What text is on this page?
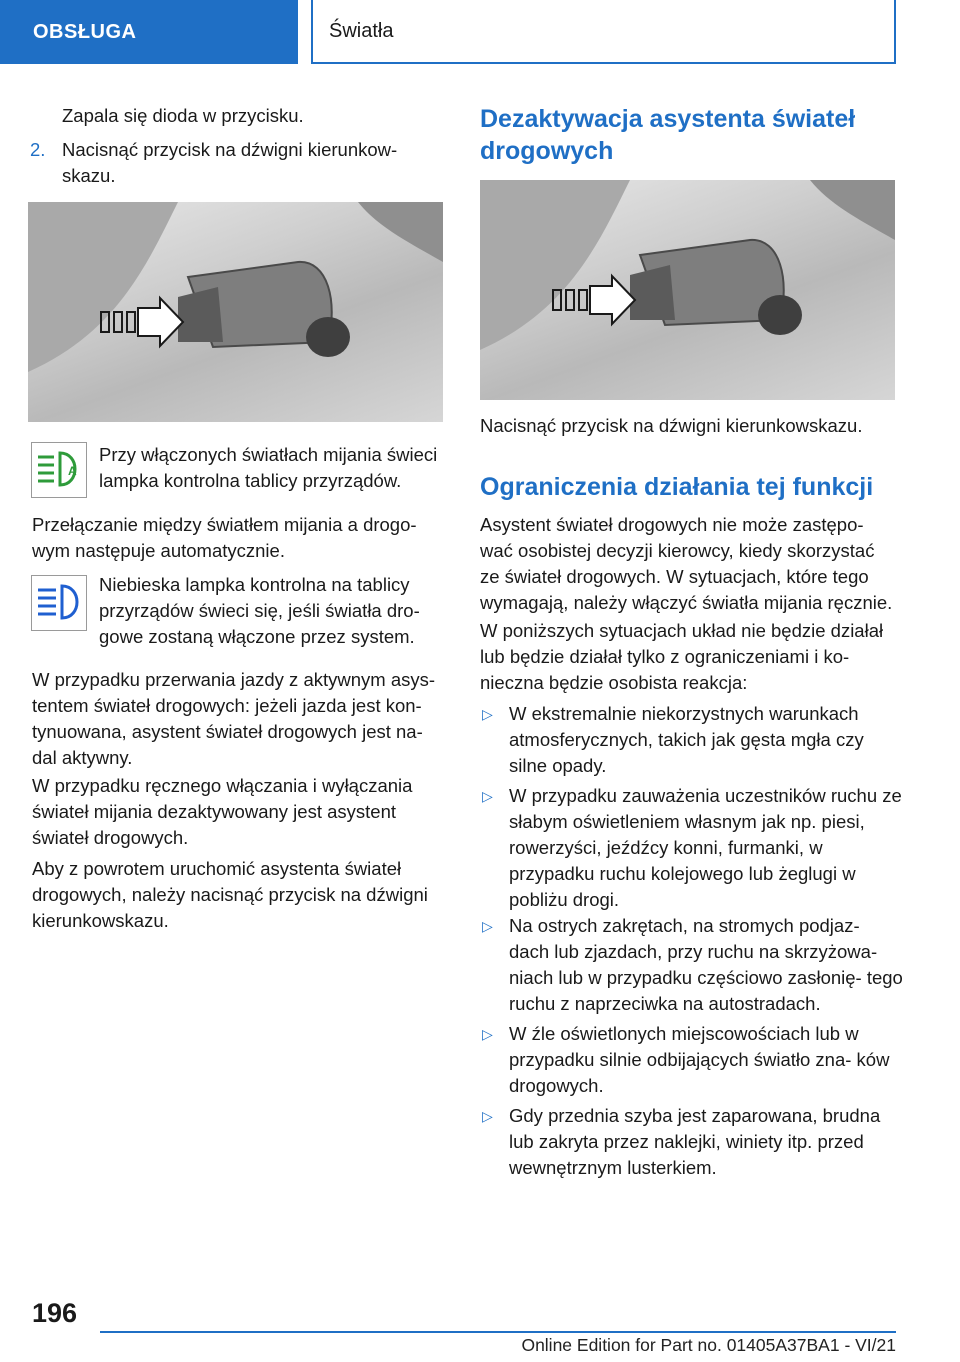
OBSŁUGA	Światła

Zapala się dioda w przycisku.

2. Nacisnąć przycisk na dźwigni kierunkow- skazu.

A

Przy włączonych światłach mijania świeci lampka kontrolna tablicy przyrządów.

Przełączanie między światłem mijania a drogo- wym następuje automatycznie.

Niebieska lampka kontrolna na tablicy przyrządów świeci się, jeśli światła dro- gowe zostaną włączone przez system.

W przypadku przerwania jazdy z aktywnym asys- tentem świateł drogowych: jeżeli jazda jest kon- tynuowana, asystent świateł drogowych jest na- dal aktywny.

W przypadku ręcznego włączania i wyłączania świateł mijania dezaktywowany jest asystent świateł drogowych.

Aby z powrotem uruchomić asystenta świateł drogowych, należy nacisnąć przycisk na dźwigni kierunkowskazu.

Dezaktywacja asystenta świateł drogowych

Nacisnąć przycisk na dźwigni kierunkowskazu.

Ograniczenia działania tej funkcji

Asystent świateł drogowych nie może zastępo- wać osobistej decyzji kierowcy, kiedy skorzystać ze świateł drogowych. W sytuacjach, które tego wymagają, należy włączyć światła mijania ręcznie.

W poniższych sytuacjach układ nie będzie działał lub będzie działał tylko z ograniczeniami i ko- nieczna będzie osobista reakcja:

▷ W ekstremalnie niekorzystnych warunkach atmosferycznych, takich jak gęsta mgła czy silne opady.

▷ W przypadku zauważenia uczestników ruchu ze słabym oświetleniem własnym jak np. piesi, rowerzyści, jeźdźcy konni, furmanki, w przypadku ruchu kolejowego lub żeglugi w pobliżu drogi.

▷ Na ostrych zakrętach, na stromych podjaz- dach lub zjazdach, przy ruchu na skrzyżowa- niach lub w przypadku częściowo zasłonię- tego ruchu z naprzeciwka na autostradach.

▷ W źle oświetlonych miejscowościach lub w przypadku silnie odbijających światło zna- ków drogowych.

▷ Gdy przednia szyba jest zaparowana, brudna lub zakryta przez naklejki, winiety itp. przed wewnętrznym lusterkiem.

196
Online Edition for Part no. 01405A37BA1 - VI/21
